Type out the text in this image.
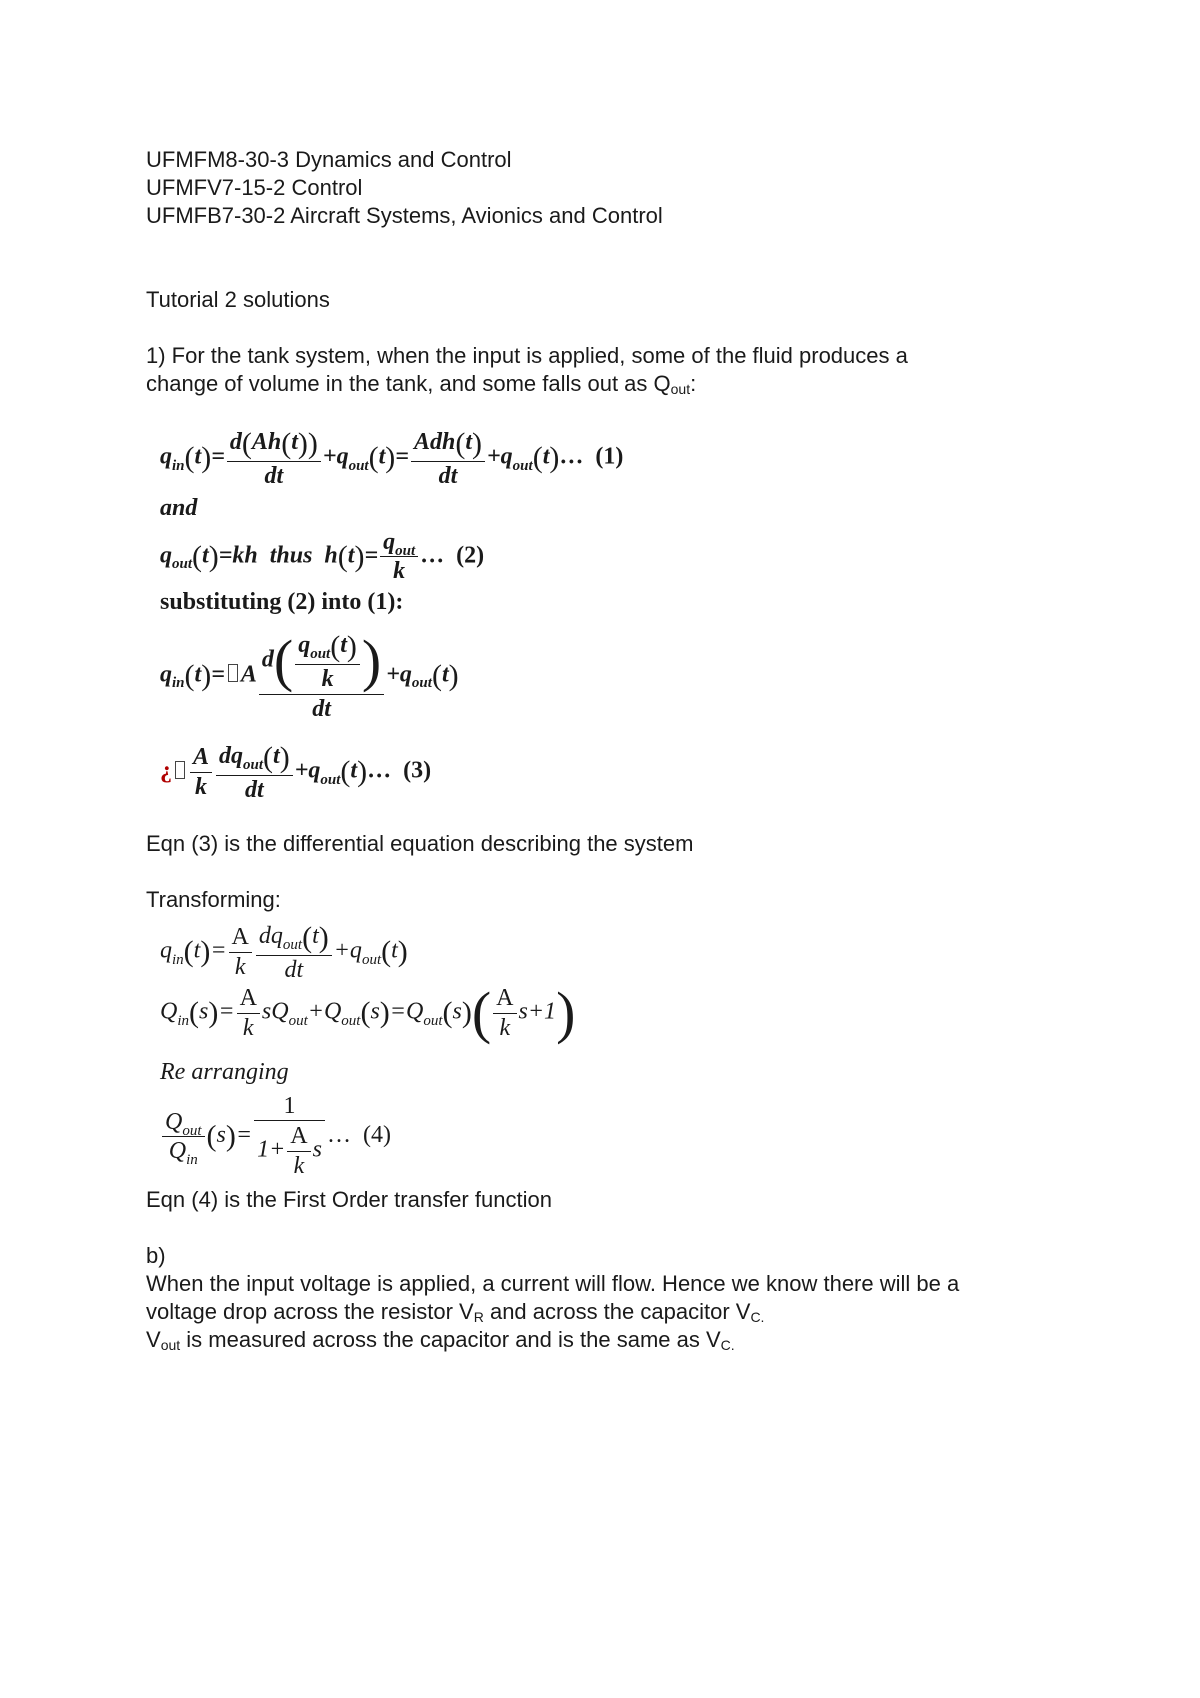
UFMFM8-30-3 Dynamics and Control

UFMFV7-15-2 Control

UFMFB7-30-2 Aircraft Systems, Avionics and Control

Tutorial 2 solutions

1) For the tank system, when the input is applied, some of the fluid produces a

change of volume in the tank, and some falls out as $Q_{out}$:

$q_{in}(t)= \frac{d(Ah(t))}{dt} +q_{out}(t)= \frac{\text{Adh(t)}}{dt}$ $+q_{out}(t)\dots$ (1)
and
$q_{out}(t)=kh$  thus  $h(t)= \frac{q_{out}}{k}$ … (2)
substituting (2) into (1):
$q_{in}(t)= A \frac{d( \frac{q_{out}(t)}{k} )}{dt} +q_{out}(t)$
¿ $\frac{A}{k} \frac{dq_{out}(t)}{dt}$ $+q_{out}(t)\dots$ (3)

Eqn (3) is the differential equation describing the system

Transforming:

$q_{in}(t)= \frac{A}{k} \frac{dq_{out}(t)}{dt} +q_{out}(t)$
$Q_{in}(s)= \frac{A}{k} sQ_{out}+Q_{out}(s)=Q_{out}(s)( \frac{A}{k} s+1)$
Re arranging
$\frac{Q_{out}}{Q_{in}} (s)= \frac{1}{1+ \frac{A}{k} s}$ … (4)

Eqn (4) is the First Order transfer function

b)

When the input voltage is applied, a current will flow. Hence we know there will be a

voltage drop across the resistor $V_R$ and across the capacitor $V_{C.}$

$V_{out}$ is measured across the capacitor and is the same as $V_{C.}$
